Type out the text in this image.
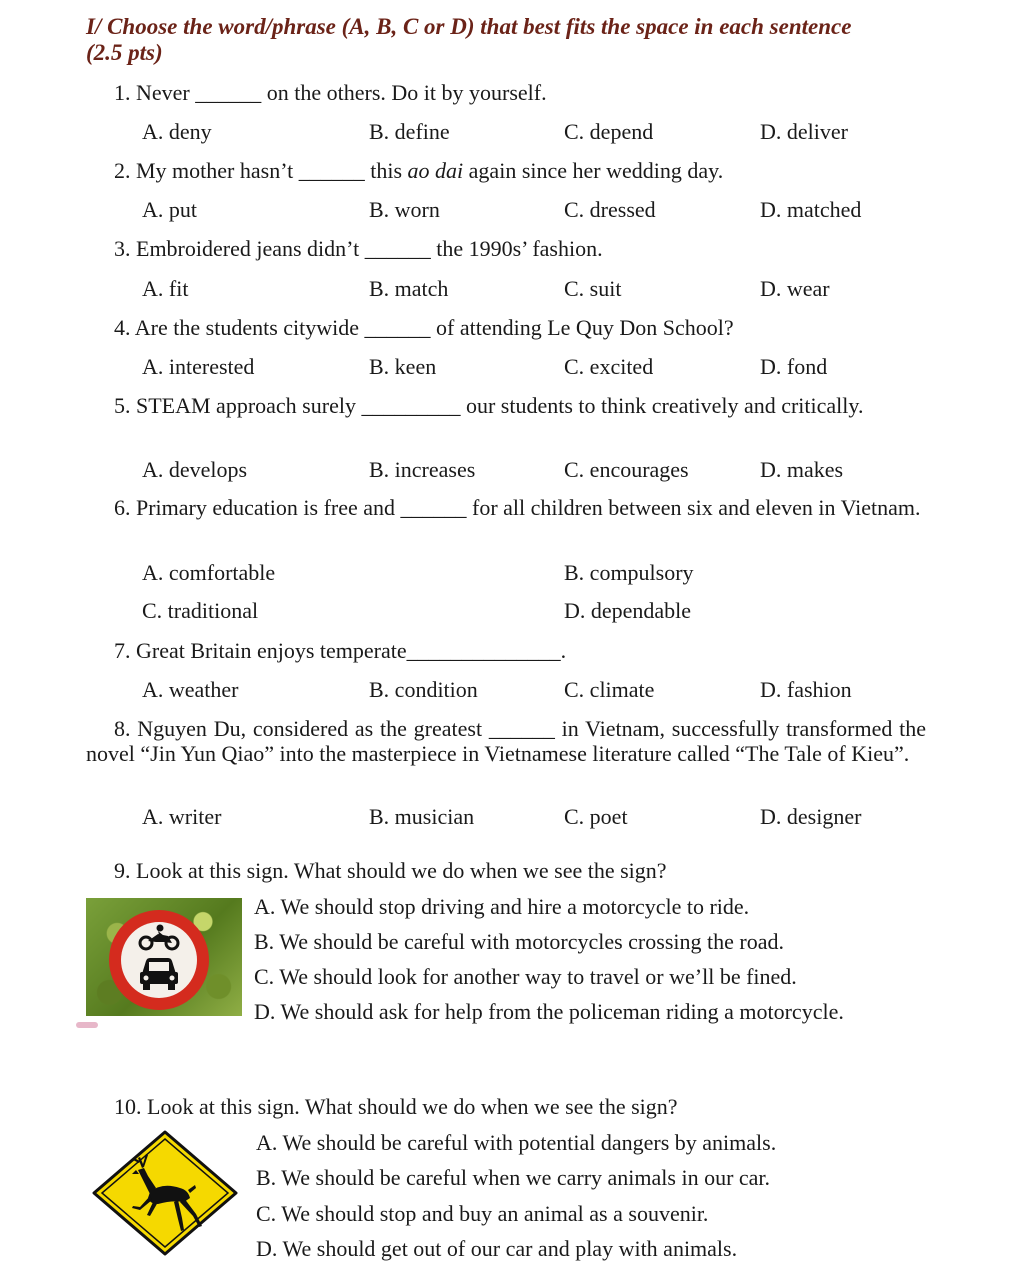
I/ Choose the word/phrase (A, B, C or D) that best fits the space in each sentence
(2.5 pts)
1. Never ______ on the others. Do it by yourself.
A. deny	B. define	C. depend	D. deliver
2. My mother hasn’t ______ this ao dai again since her wedding day.
A. put	B. worn	C. dressed	D. matched
3. Embroidered jeans didn’t ______ the 1990s’ fashion.
A. fit	B. match	C. suit	D. wear
4. Are the students citywide ______ of attending Le Quy Don School?
A. interested	B. keen	C. excited	D. fond
5. STEAM approach surely _________ our students to think creatively and critically.
A. develops	B. increases	C. encourages	D. makes
6. Primary education is free and ______ for all children between six and eleven in Vietnam.
A. comfortable	B. compulsory
C. traditional	D. dependable
7. Great Britain enjoys temperate______________.
A. weather	B. condition	C. climate	D. fashion
8. Nguyen Du, considered as the greatest ______ in Vietnam, successfully transformed the novel “Jin Yun Qiao” into the masterpiece in Vietnamese literature called “The Tale of Kieu”.
A. writer	B. musician	C. poet	D. designer
9. Look at this sign. What should we do when we see the sign?
A. We should stop driving and hire a motorcycle to ride.
B. We should be careful with motorcycles crossing the road.
C. We should look for another way to travel or we’ll be fined.
D. We should ask for help from the policeman riding a motorcycle.
10. Look at this sign. What should we do when we see the sign?
A. We should be careful with potential dangers by animals.
B. We should be careful when we carry animals in our car.
C. We should stop and buy an animal as a souvenir.
D. We should get out of our car and play with animals.
